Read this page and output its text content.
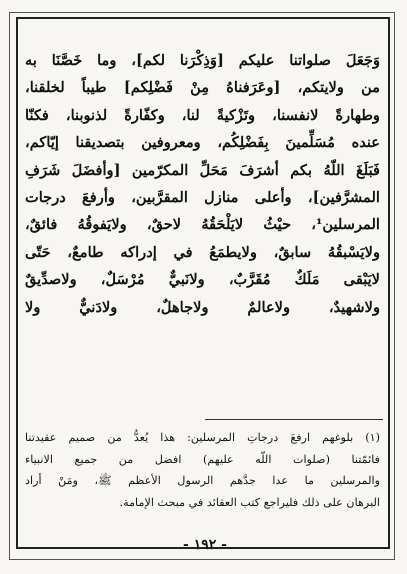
وَجَعَلَ صلواتنا عليكم [وَذِكْرَنا لكم]، وما خَصَّنَا به
من ولايتكم، [وعَرَفناهُ مِنْ فَضْلِكم] طيباً لخلقنا،
وطهارةً لانفسنا، وتَزْكيةً لنا، وكفّارةً لذنوبنا، فكنّا
عنده مُسَلِّمينَ بِفَضْلِكُم، ومعروفين بتصديقنا إيّاكم،
فَبَلَغَ اللّهُ بكم أشرَفَ مَحَلِّ المكرّمين [وأفضَلَ شَرَفِ
المشرَّفين]، وأعلى منازل المقرَّبين، وأرفعَ درجات
المرسلين¹، حيْثُ لايَلْحَقُهُ لاحقٌ، ولايَفوقُهُ فائقٌ،
ولايَسْبقُهُ سابقٌ، ولايطمَعُ في إدراكه طامعٌ، حَتّى
لايَبْقى مَلَكٌ مُقَرَّبٌ، ولانَبيٌّ مُرْسَلٌ، ولاصدِّيقٌ
ولاشهيدٌ، ولاعالمٌ ولاجاهلٌ، ولادَنيٌّ ولا
(١) بلوغهم ارفعَ درجاتِ المرسلين: هذا يُعدُّ من صميم عقيدتنا
فائمّتنا (صلوات اللّه عليهم) افضل من جميع الانبياء
والمرسلين ما عدا جدَّهم الرسول الأعظم ﷺ، ومَنْ أراد
البرهان على ذلك فليراجع كتب العقائد في مبحث الإمامة.
- ١٩٢ -
